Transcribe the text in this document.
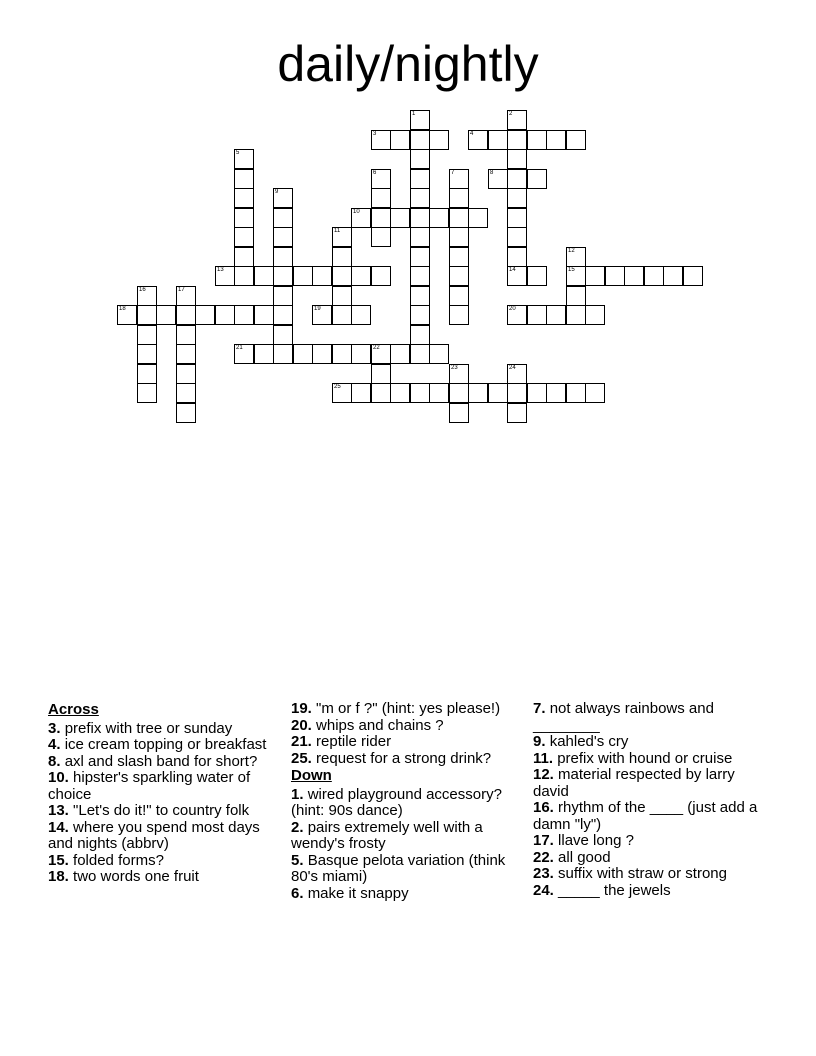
daily/nightly
1	2
3	4
5
6	7	8
9
10
11
12
15
13	14
16	17
18	19	20
21	22
23	24
25
Across
3. prefix with tree or sunday
4. ice cream topping or breakfast
8. axl and slash band for short?
10. hipster's sparkling water of choice
13. "Let's do it!" to country folk
14. where you spend most days and nights (abbrv)
15. folded forms?
18. two words one fruit
19. "m or f ?" (hint: yes please!)
20. whips and chains ?
21. reptile rider
25. request for a strong drink?
Down
1. wired playground accessory? (hint: 90s dance)
2. pairs extremely well with a wendy's frosty
5. Basque pelota variation (think 80's miami)
6. make it snappy
7. not always rainbows and ________
9. kahled's cry
11. prefix with hound or cruise
12. material respected by larry david
16. rhythm of the ____ (just add a damn "ly")
17. llave long ?
22. all good
23. suffix with straw or strong
24. _____ the jewels
